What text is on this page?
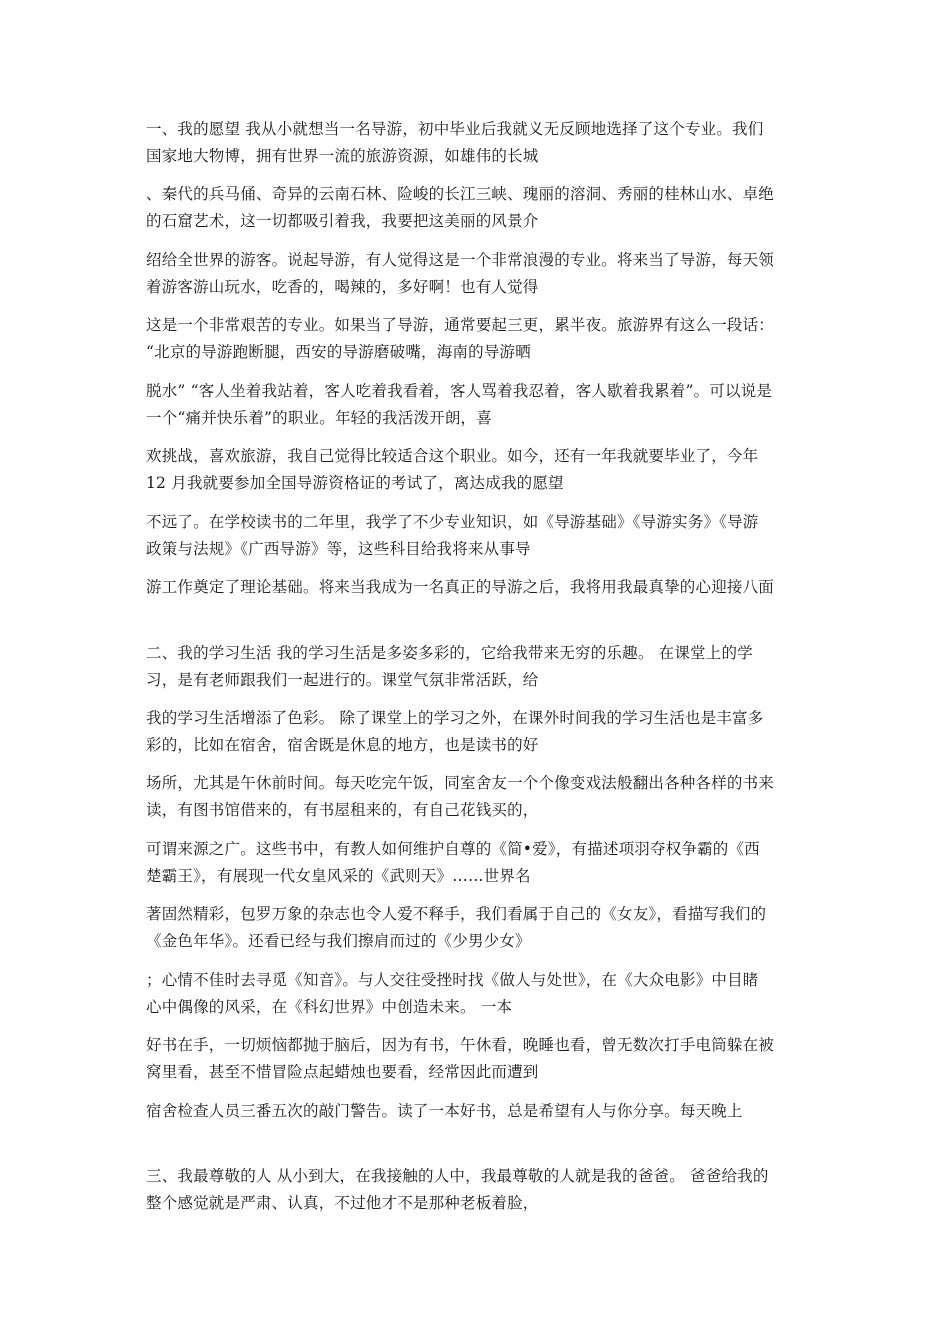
一、我的愿望 我从小就想当一名导游，初中毕业后我就义无反顾地选择了这个专业。我们
国家地大物博，拥有世界一流的旅游资源，如雄伟的长城
、秦代的兵马俑、奇异的云南石林、险峻的长江三峡、瑰丽的溶洞、秀丽的桂林山水、卓绝
的石窟艺术，这一切都吸引着我，我要把这美丽的风景介
绍给全世界的游客。说起导游，有人觉得这是一个非常浪漫的专业。将来当了导游，每天领
着游客游山玩水，吃香的，喝辣的，多好啊！也有人觉得
这是一个非常艰苦的专业。如果当了导游，通常要起三更，累半夜。旅游界有这么一段话：
“北京的导游跑断腿，西安的导游磨破嘴，海南的导游晒
脱水” “客人坐着我站着，客人吃着我看着，客人骂着我忍着，客人歇着我累着”。可以说是
一个“痛并快乐着”的职业。年轻的我活泼开朗，喜
欢挑战，喜欢旅游，我自己觉得比较适合这个职业。如今，还有一年我就要毕业了，今年
12 月我就要参加全国导游资格证的考试了，离达成我的愿望
不远了。在学校读书的二年里，我学了不少专业知识，如《导游基础》《导游实务》《导游
政策与法规》《广西导游》等，这些科目给我将来从事导
游工作奠定了理论基础。将来当我成为一名真正的导游之后，我将用我最真挚的心迎接八面
二、我的学习生活 我的学习生活是多姿多彩的，它给我带来无穷的乐趣。 在课堂上的学
习，是有老师跟我们一起进行的。课堂气氛非常活跃，给
我的学习生活增添了色彩。 除了课堂上的学习之外，在课外时间我的学习生活也是丰富多
彩的，比如在宿舍，宿舍既是休息的地方，也是读书的好
场所，尤其是午休前时间。每天吃完午饭，同室舍友一个个像变戏法般翻出各种各样的书来
读，有图书馆借来的，有书屋租来的，有自己花钱买的，
可谓来源之广。这些书中，有教人如何维护自尊的《简•爱》，有描述项羽夺权争霸的《西
楚霸王》，有展现一代女皇风采的《武则天》……世界名
著固然精彩，包罗万象的杂志也令人爱不释手，我们看属于自己的《女友》，看描写我们的
《金色年华》。还看已经与我们擦肩而过的《少男少女》
；心情不佳时去寻觅《知音》。与人交往受挫时找《做人与处世》，在《大众电影》中目睹
心中偶像的风采，在《科幻世界》中创造未来。 一本
好书在手，一切烦恼都抛于脑后，因为有书，午休看，晚睡也看，曾无数次打手电筒躲在被
窝里看，甚至不惜冒险点起蜡烛也要看，经常因此而遭到
宿舍检查人员三番五次的敲门警告。读了一本好书，总是希望有人与你分享。每天晚上
三、我最尊敬的人 从小到大，在我接触的人中，我最尊敬的人就是我的爸爸。 爸爸给我的
整个感觉就是严肃、认真，不过他才不是那种老板着脸，
